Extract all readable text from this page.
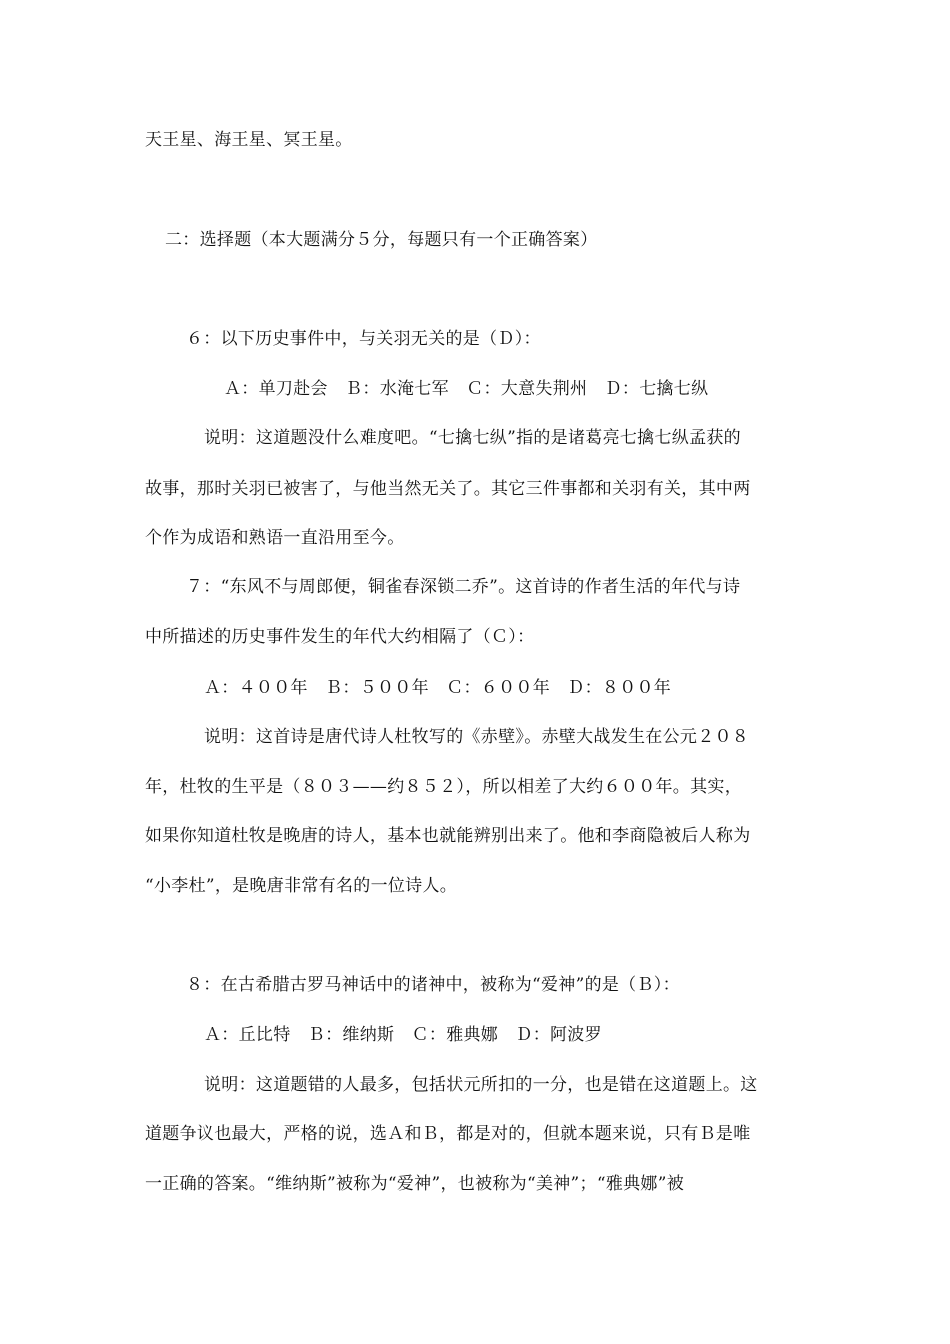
天王星、海王星、冥王星。
二：选择题（本大题满分５分，每题只有一个正确答案）
６：以下历史事件中，与关羽无关的是（Ｄ）：
Ａ：单刀赴会　Ｂ：水淹七军　Ｃ：大意失荆州　Ｄ：七擒七纵
说明：这道题没什么难度吧。“七擒七纵”指的是诸葛亮七擒七纵孟获的
故事，那时关羽已被害了，与他当然无关了。其它三件事都和关羽有关，其中两
个作为成语和熟语一直沿用至今。
７：“东风不与周郎便，铜雀春深锁二乔”。这首诗的作者生活的年代与诗
中所描述的历史事件发生的年代大约相隔了（Ｃ）：
Ａ：４００年　Ｂ：５００年　Ｃ：６００年　Ｄ：８００年
说明：这首诗是唐代诗人杜牧写的《赤壁》。赤壁大战发生在公元２０８
年，杜牧的生平是（８０３——约８５２），所以相差了大约６００年。其实，
如果你知道杜牧是晚唐的诗人，基本也就能辨别出来了。他和李商隐被后人称为
“小李杜”，是晚唐非常有名的一位诗人。
８：在古希腊古罗马神话中的诸神中，被称为“爱神”的是（Ｂ）：
Ａ：丘比特　Ｂ：维纳斯　Ｃ：雅典娜　Ｄ：阿波罗
说明：这道题错的人最多，包括状元所扣的一分，也是错在这道题上。这
道题争议也最大，严格的说，选Ａ和Ｂ，都是对的，但就本题来说，只有Ｂ是唯
一正确的答案。“维纳斯”被称为“爱神”，也被称为“美神”；“雅典娜”被
